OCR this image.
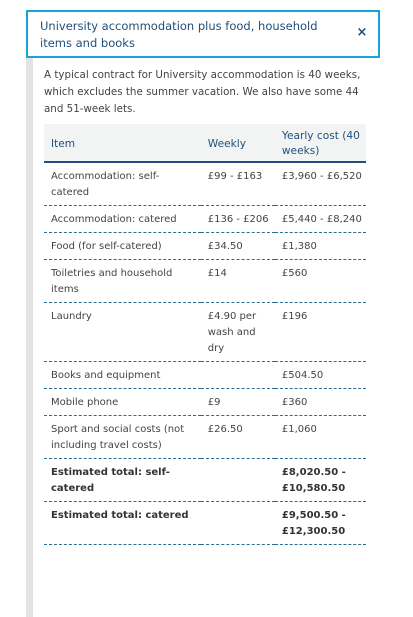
University accommodation plus food, household items and books
×

A typical contract for University accommodation is 40 weeks, which excludes the summer vacation. We also have some 44 and 51-week lets.

Item	Weekly	Yearly cost (40 weeks)
Accommodation: self-catered	£99 - £163	£3,960 - £6,520
Accommodation: catered	£136 - £206	£5,440 - £8,240
Food (for self-catered)	£34.50	£1,380
Toiletries and household items	£14	£560
Laundry	£4.90 per wash and dry	£196
Books and equipment		£504.50
Mobile phone	£9	£360
Sport and social costs (not including travel costs)	£26.50	£1,060
Estimated total: self-catered		£8,020.50 - £10,580.50
Estimated total: catered		£9,500.50 - £12,300.50
